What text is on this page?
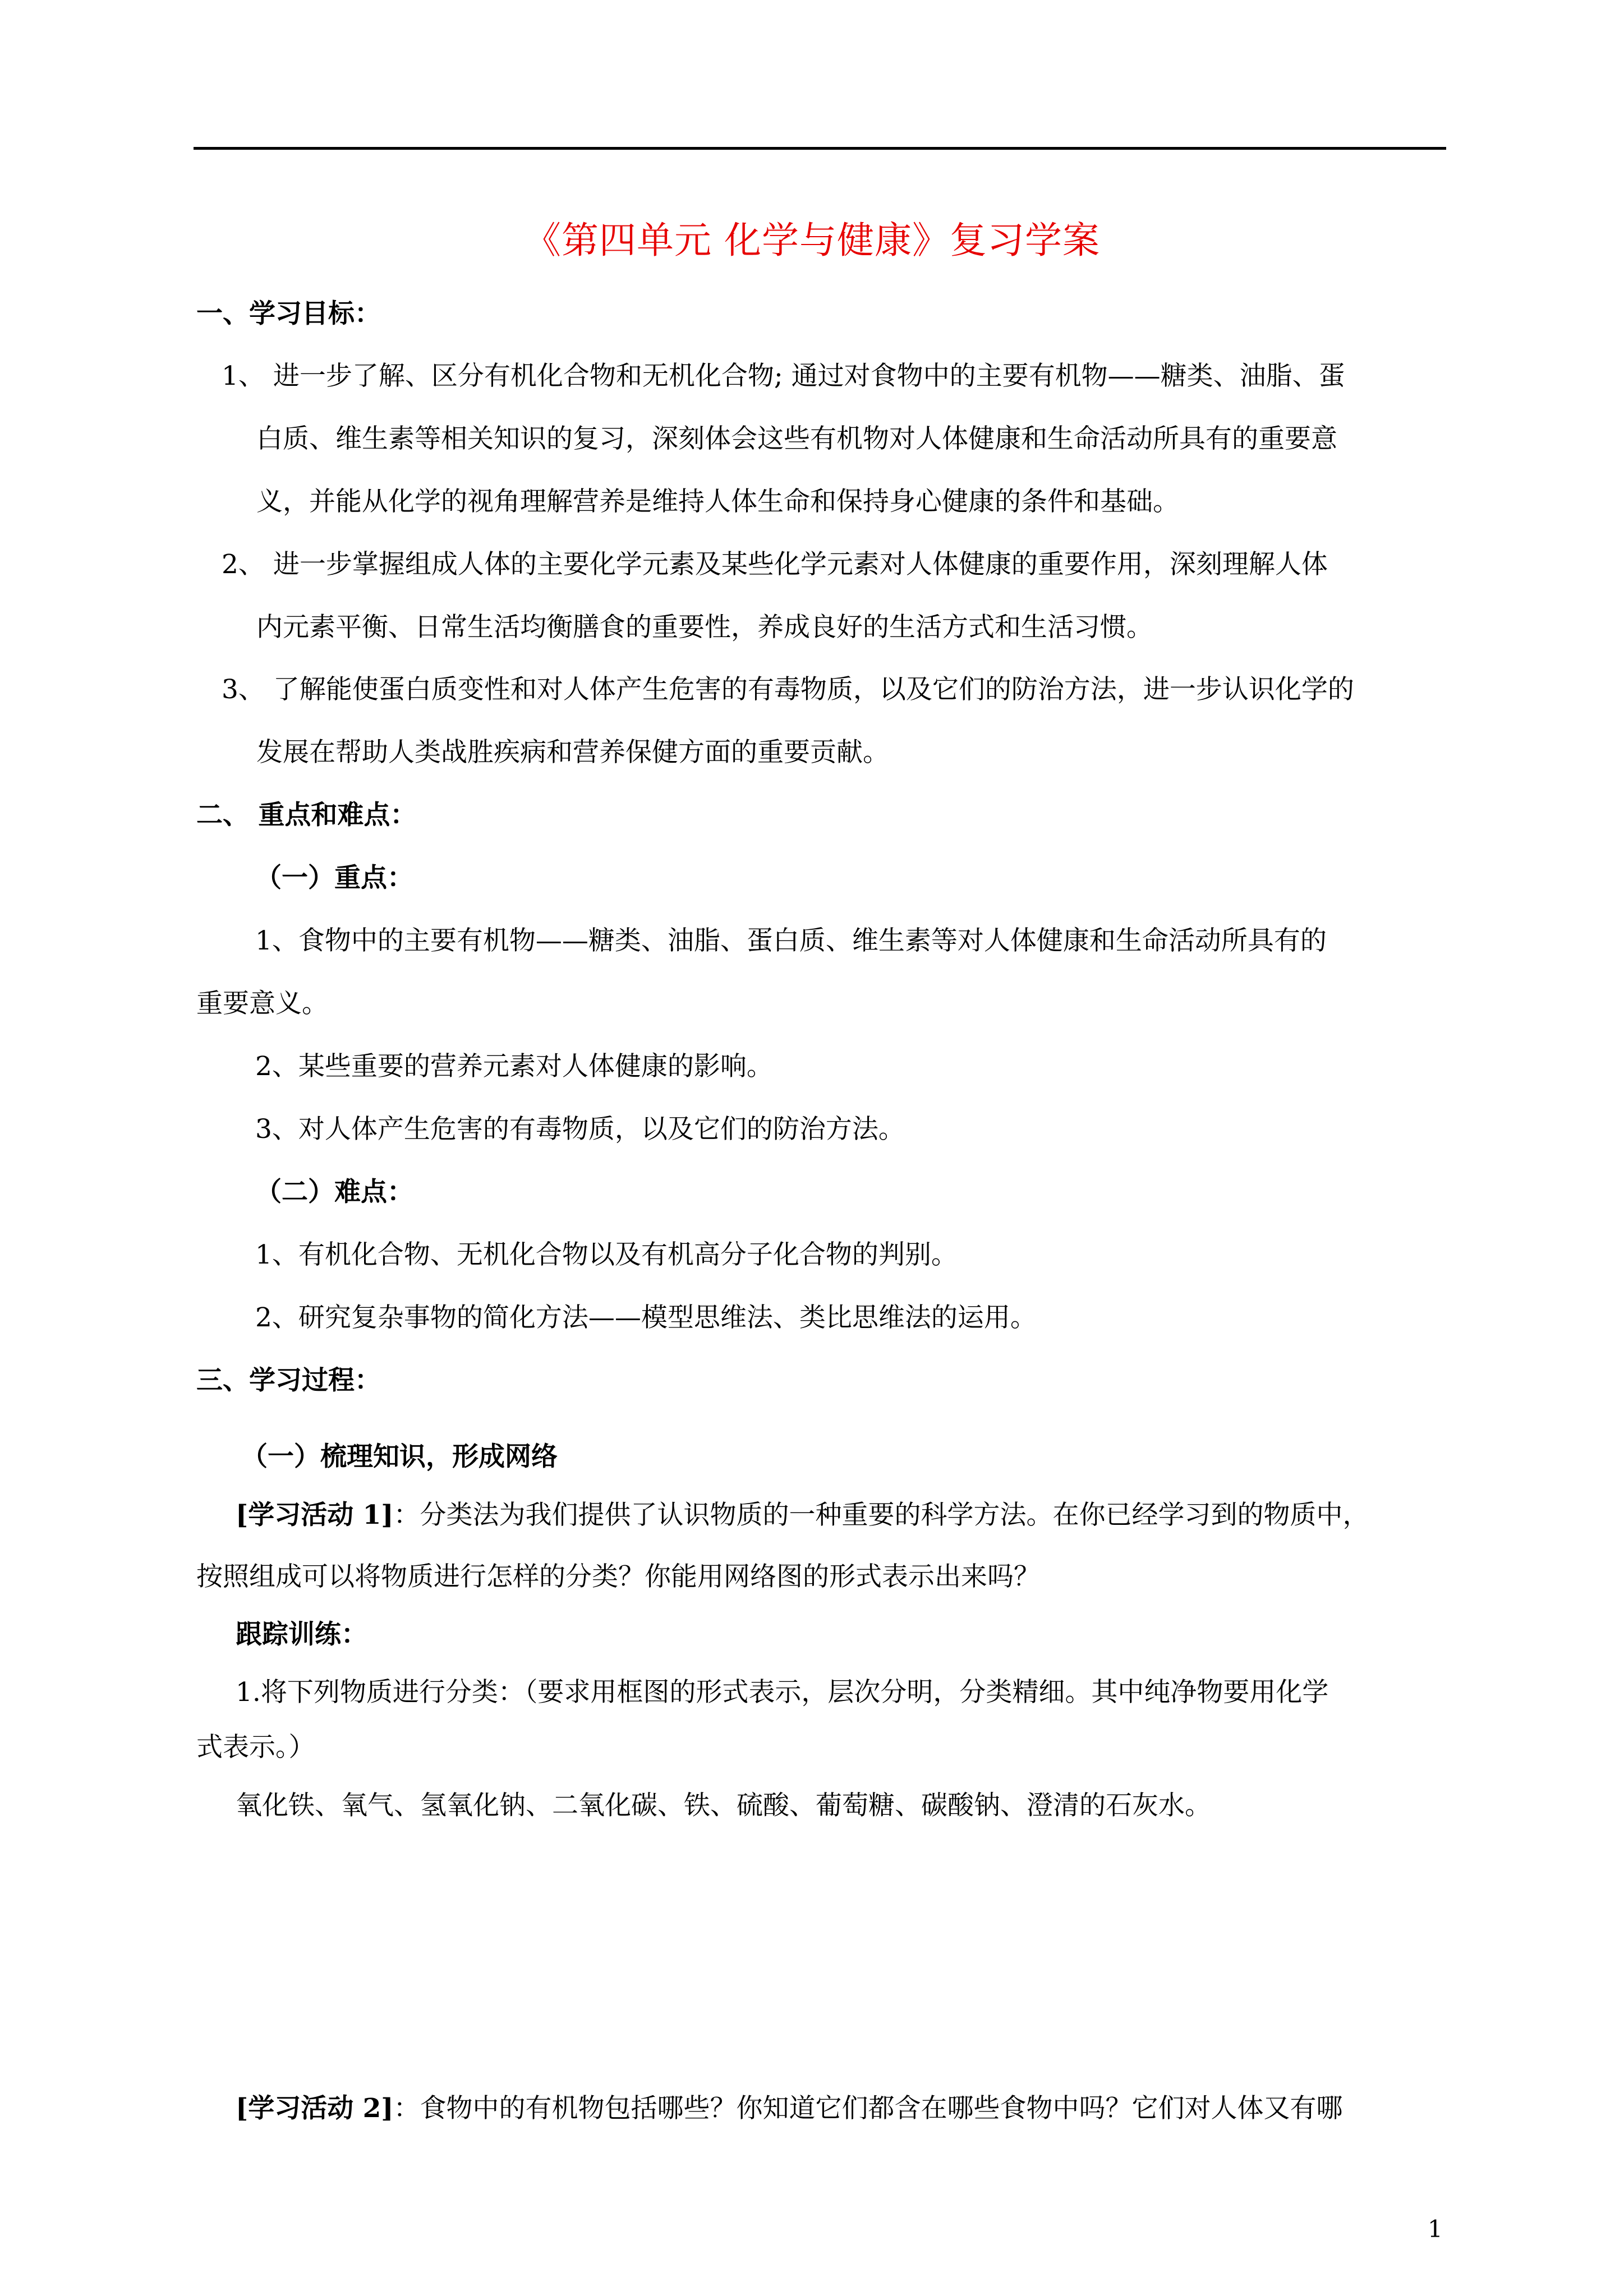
《第四单元 化学与健康》复习学案
一、学习目标：
1、 进一步了解、区分有机化合物和无机化合物; 通过对食物中的主要有机物——糖类、油脂、蛋
白质、维生素等相关知识的复习，深刻体会这些有机物对人体健康和生命活动所具有的重要意
义，并能从化学的视角理解营养是维持人体生命和保持身心健康的条件和基础。
2、 进一步掌握组成人体的主要化学元素及某些化学元素对人体健康的重要作用，深刻理解人体
内元素平衡、日常生活均衡膳食的重要性，养成良好的生活方式和生活习惯。
3、 了解能使蛋白质变性和对人体产生危害的有毒物质，以及它们的防治方法，进一步认识化学的
发展在帮助人类战胜疾病和营养保健方面的重要贡献。
二、 重点和难点：
（一）重点：
1、食物中的主要有机物——糖类、油脂、蛋白质、维生素等对人体健康和生命活动所具有的
重要意义。
2、某些重要的营养元素对人体健康的影响。
3、对人体产生危害的有毒物质，以及它们的防治方法。
（二）难点：
1、有机化合物、无机化合物以及有机高分子化合物的判别。
2、研究复杂事物的简化方法——模型思维法、类比思维法的运用。
三、学习过程：
（一）梳理知识，形成网络
[学习活动 1]：分类法为我们提供了认识物质的一种重要的科学方法。在你已经学习到的物质中，
按照组成可以将物质进行怎样的分类？你能用网络图的形式表示出来吗？
跟踪训练：
1.将下列物质进行分类：（要求用框图的形式表示，层次分明，分类精细。其中纯净物要用化学
式表示。）
氧化铁、氧气、氢氧化钠、二氧化碳、铁、硫酸、葡萄糖、碳酸钠、澄清的石灰水。
[学习活动 2]：食物中的有机物包括哪些？你知道它们都含在哪些食物中吗？它们对人体又有哪
1
